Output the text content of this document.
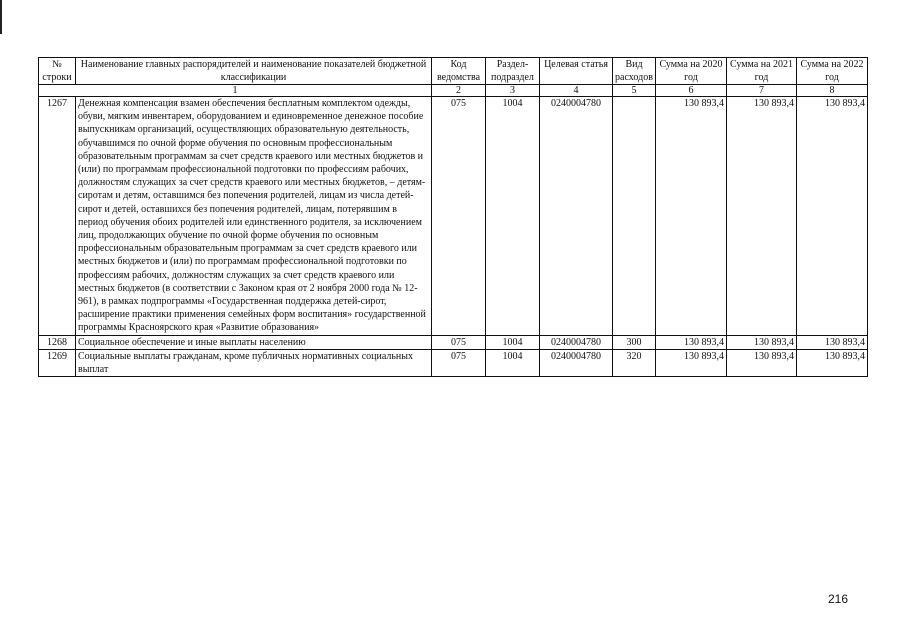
№ строки	Наименование главных распорядителей и наименование показателей бюджетной классификации	Код ведомства	Раздел-подраздел	Целевая статья	Вид расходов	Сумма на 2020 год	Сумма на 2021 год	Сумма на 2022 год
1		2	3	4	5	6	7	8
1267	Денежная компенсация взамен обеспечения бесплатным комплектом одежды, обуви, мягким инвентарем, оборудованием и единовременное денежное пособие выпускникам организаций, осуществляющих образовательную деятельность, обучавшимся по очной форме обучения по основным профессиональным образовательным программам за счет средств краевого или местных бюджетов и (или) по программам профессиональной подготовки по профессиям рабочих, должностям служащих за счет средств краевого или местных бюджетов, – детям-сиротам и детям, оставшимся без попечения родителей, лицам из числа детей-сирот и детей, оставшихся без попечения родителей, лицам, потерявшим в период обучения обоих родителей или единственного родителя, за исключением лиц, продолжающих обучение по очной форме обучения по основным профессиональным образовательным программам за счет средств краевого или местных бюджетов и (или) по программам профессиональной подготовки по профессиям рабочих, должностям служащих за счет средств краевого или местных бюджетов (в соответствии с Законом края от 2 ноября 2000 года № 12-961), в рамках подпрограммы «Государственная поддержка детей-сирот, расширение практики применения семейных форм воспитания» государственной программы Красноярского края «Развитие образования»	075	1004	0240004780		130 893,4	130 893,4	130 893,4
1268	Социальное обеспечение и иные выплаты населению	075	1004	0240004780	300	130 893,4	130 893,4	130 893,4
1269	Социальные выплаты гражданам, кроме публичных нормативных социальных выплат	075	1004	0240004780	320	130 893,4	130 893,4	130 893,4
216
